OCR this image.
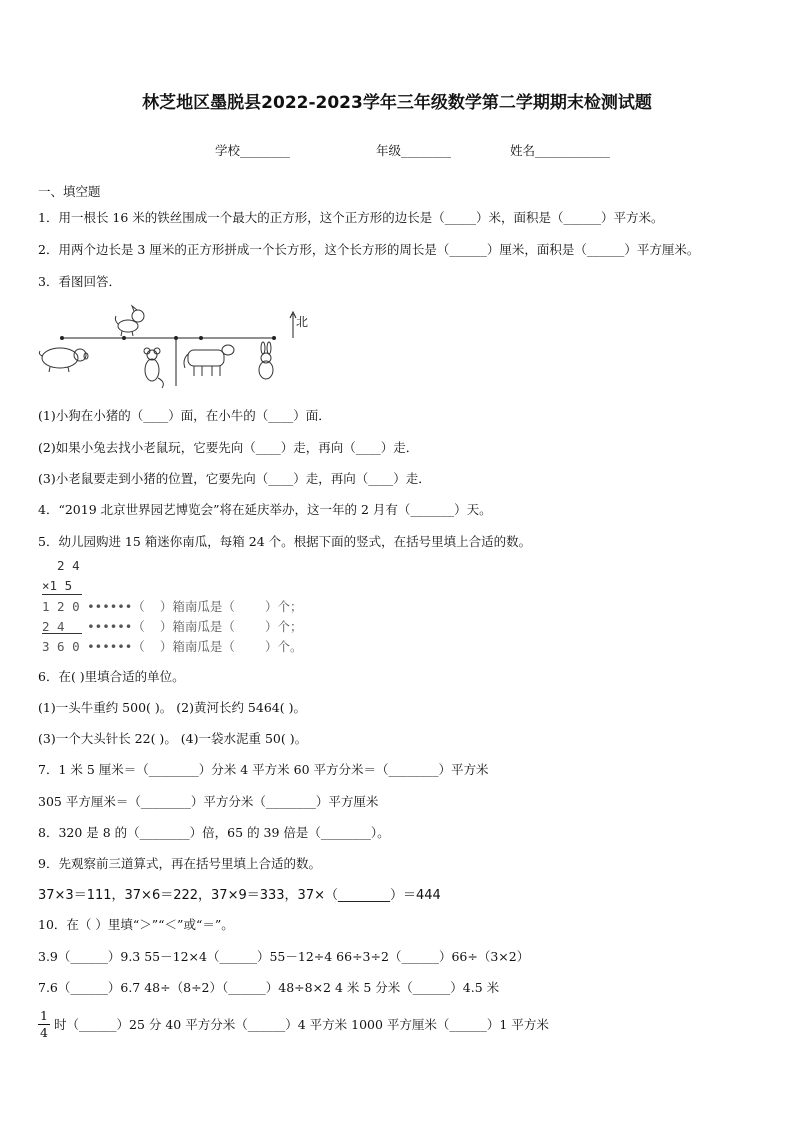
林芝地区墨脱县2022-2023学年三年级数学第二学期期末检测试题
学校________	年级________	姓名____________
一、填空题
1．用一根长 16 米的铁丝围成一个最大的正方形，这个正方形的边长是（_____）米，面积是（______）平方米。
2．用两个边长是 3 厘米的正方形拼成一个长方形，这个长方形的周长是（______）厘米，面积是（______）平方厘米。
3．看图回答．
北
(1)小狗在小猪的（____）面，在小牛的（____）面．
(2)如果小兔去找小老鼠玩，它要先向（____）走，再向（____）走．
(3)小老鼠要走到小猪的位置，它要先向（____）走，再向（____）走．
4．“2019 北京世界园艺博览会”将在延庆举办，这一年的 2 月有（_______）天。
5．幼儿园购进 15 箱迷你南瓜，每箱 24 个。根据下面的竖式，在括号里填上合适的数。
2 4
×1 5
1 2 0 ••••••（  ）箱南瓜是（    ）个；
2 4   ••••••（  ）箱南瓜是（    ）个；
3 6 0 ••••••（  ）箱南瓜是（    ）个。
6．在( )里填合适的单位。
(1)一头牛重约 500( )。 (2)黄河长约 5464( )。
(3)一个大头针长 22( )。 (4)一袋水泥重 50( )。
7．1 米 5 厘米＝（________）分米 4 平方米 60 平方分米＝（________）平方米
305 平方厘米＝（________）平方分米（________）平方厘米
8．320 是 8 的（________）倍，65 的 39 倍是（________）。
9．先观察前三道算式，再在括号里填上合适的数。
37×3＝111，37×6＝222，37×9＝333，37×（________）＝444
10．在（ ）里填“＞”“＜”或“＝”。
3.9（______）9.3 55－12×4（______）55－12÷4 66÷3÷2（______）66÷（3×2）
7.6（______）6.7 48÷（8÷2）（______）48÷8×2 4 米 5 分米（______）4.5 米
1
4
时（______）25 分 40 平方分米（______）4 平方米 1000 平方厘米（______）1 平方米
